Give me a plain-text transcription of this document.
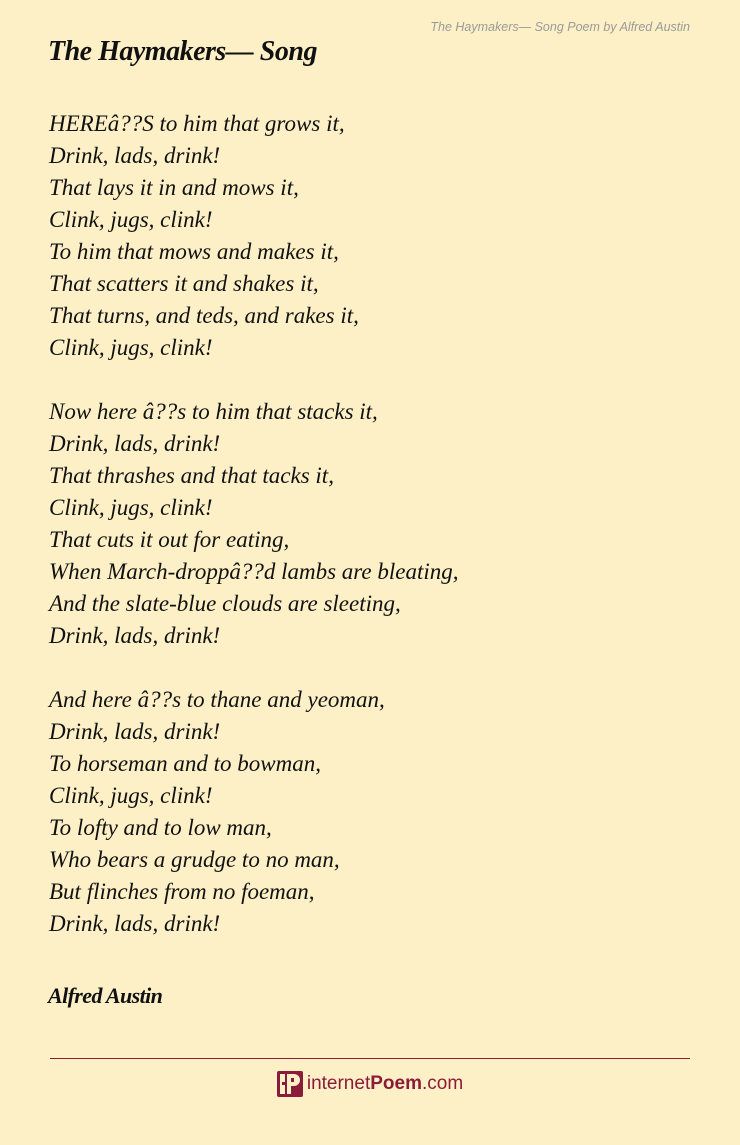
The Haymakers— Song Poem by Alfred Austin
The Haymakers— Song
HEREâ??S to him that grows it,
Drink, lads, drink!
That lays it in and mows it,
Clink, jugs, clink!
To him that mows and makes it,
That scatters it and shakes it,
That turns, and teds, and rakes it,
Clink, jugs, clink!
Now here â??s to him that stacks it,
Drink, lads, drink!
That thrashes and that tacks it,
Clink, jugs, clink!
That cuts it out for eating,
When March-droppâ??d lambs are bleating,
And the slate-blue clouds are sleeting,
Drink, lads, drink!
And here â??s to thane and yeoman,
Drink, lads, drink!
To horseman and to bowman,
Clink, jugs, clink!
To lofty and to low man,
Who bears a grudge to no man,
But flinches from no foeman,
Drink, lads, drink!
Alfred Austin
internet Poem .com
